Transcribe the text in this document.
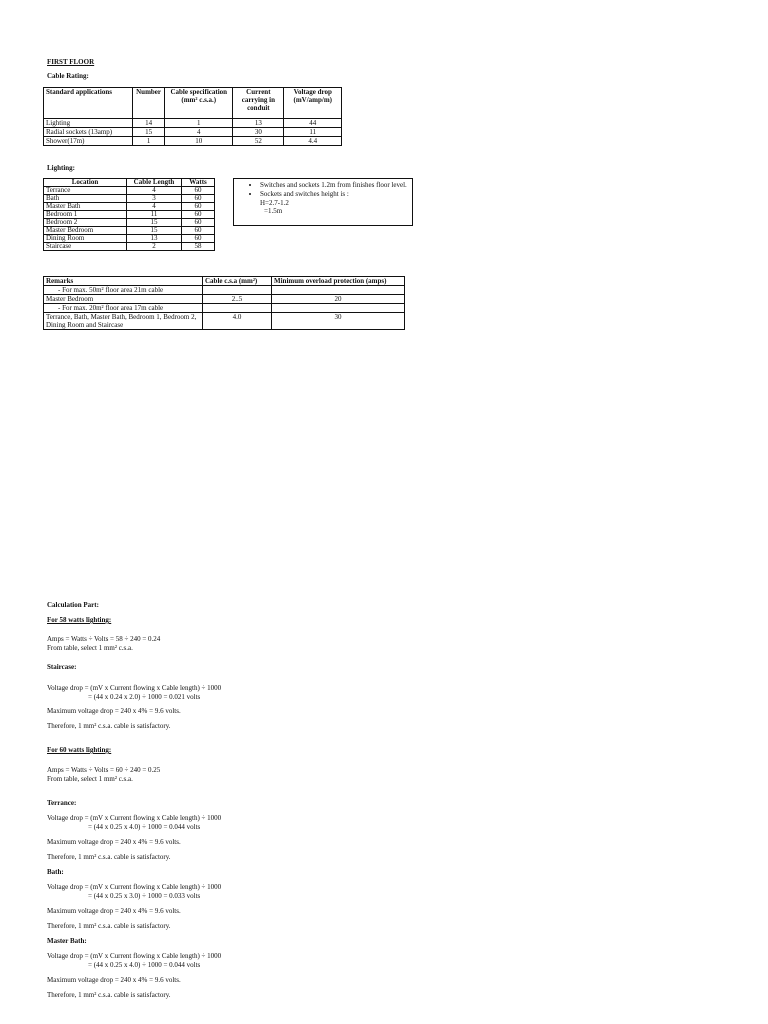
FIRST FLOOR
Cable Rating:
Standard applications	Number	Cable specification (mm² c.s.a.)	Current carrying in conduit	Voltage drop (mV/amp/m)
Lighting	14	1	13	44
Radial sockets (13amp)	15	4	30	11
Shower(17m)	1	10	52	4.4
Lighting:
Location	Cable Length	Watts
Terrance	4	60
Bath	3	60
Master Bath	4	60
Bedroom 1	11	60
Bedroom 2	15	60
Master Bedroom	15	60
Dining Room	13	60
Staircase	2	58
• Switches and sockets 1.2m from finishes floor level.
• Sockets and switches height is :
H=2.7-1.2
=1.5m
Remarks	Cable c.s.a (mm²)	Minimum overload protection (amps)
- For max. 50m² floor area 21m cable		
Master Bedroom	2..5	20
- For max. 20m² floor area 17m cable		
Terrance, Bath, Master Bath, Bedroom 1, Bedroom 2, Dining Room and Staircase	4.0	30
Calculation Part:
For 58 watts lighting:
Amps = Watts ÷ Volts = 58 ÷ 240 = 0.24
From table, select 1 mm² c.s.a.
Staircase:
Voltage drop = (mV x Current flowing x Cable length) ÷ 1000
= (44 x 0.24 x 2.0) ÷ 1000 = 0.021 volts
Maximum voltage drop = 240 x 4% = 9.6 volts.
Therefore, 1 mm² c.s.a. cable is satisfactory.
For 60 watts lighting:
Amps = Watts ÷ Volts = 60 ÷ 240 = 0.25
From table, select 1 mm² c.s.a.
Terrance:
Voltage drop = (mV x Current flowing x Cable length) ÷ 1000
= (44 x 0.25 x 4.0) ÷ 1000 = 0.044 volts
Maximum voltage drop = 240 x 4% = 9.6 volts.
Therefore, 1 mm² c.s.a. cable is satisfactory.
Bath:
Voltage drop = (mV x Current flowing x Cable length) ÷ 1000
= (44 x 0.25 x 3.0) ÷ 1000 = 0.033 volts
Maximum voltage drop = 240 x 4% = 9.6 volts.
Therefore, 1 mm² c.s.a. cable is satisfactory.
Master Bath:
Voltage drop = (mV x Current flowing x Cable length) ÷ 1000
= (44 x 0.25 x 4.0) ÷ 1000 = 0.044 volts
Maximum voltage drop = 240 x 4% = 9.6 volts.
Therefore, 1 mm² c.s.a. cable is satisfactory.
